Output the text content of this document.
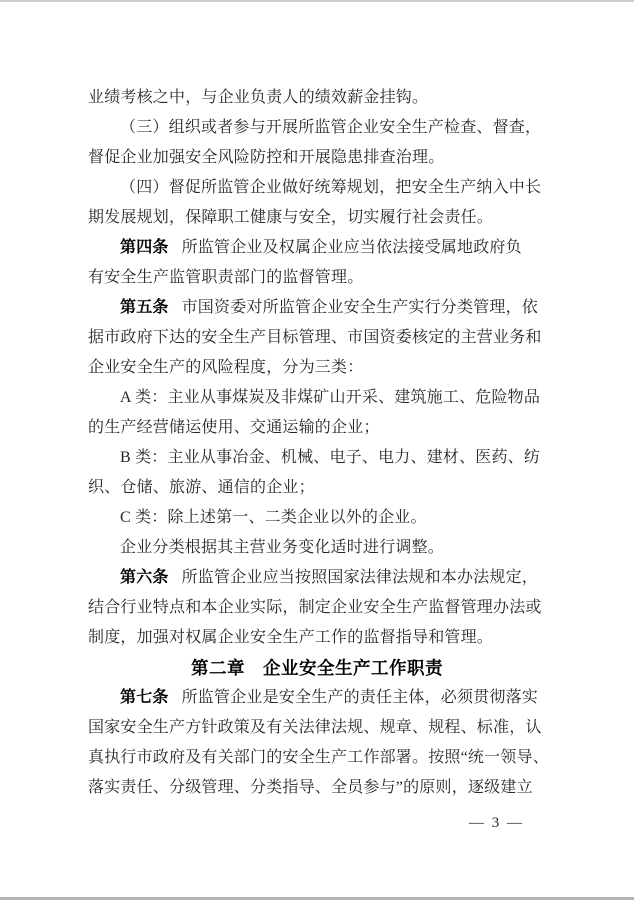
业绩考核之中，与企业负责人的绩效薪金挂钩。
（三）组织或者参与开展所监管企业安全生产检查、督查，
督促企业加强安全风险防控和开展隐患排查治理。
（四）督促所监管企业做好统筹规划，把安全生产纳入中长
期发展规划，保障职工健康与安全，切实履行社会责任。
第四条 所监管企业及权属企业应当依法接受属地政府负
有安全生产监管职责部门的监督管理。
第五条 市国资委对所监管企业安全生产实行分类管理，依
据市政府下达的安全生产目标管理、市国资委核定的主营业务和
企业安全生产的风险程度，分为三类：
A 类：主业从事煤炭及非煤矿山开采、建筑施工、危险物品
的生产经营储运使用、交通运输的企业；
B 类：主业从事冶金、机械、电子、电力、建材、医药、纺
织、仓储、旅游、通信的企业；
C 类：除上述第一、二类企业以外的企业。
企业分类根据其主营业务变化适时进行调整。
第六条 所监管企业应当按照国家法律法规和本办法规定，
结合行业特点和本企业实际，制定企业安全生产监督管理办法或
制度，加强对权属企业安全生产工作的监督指导和管理。
第二章　企业安全生产工作职责
第七条 所监管企业是安全生产的责任主体，必须贯彻落实
国家安全生产方针政策及有关法律法规、规章、规程、标准，认
真执行市政府及有关部门的安全生产工作部署。按照“统一领导、
落实责任、分级管理、分类指导、全员参与”的原则，逐级建立
— 3 —
